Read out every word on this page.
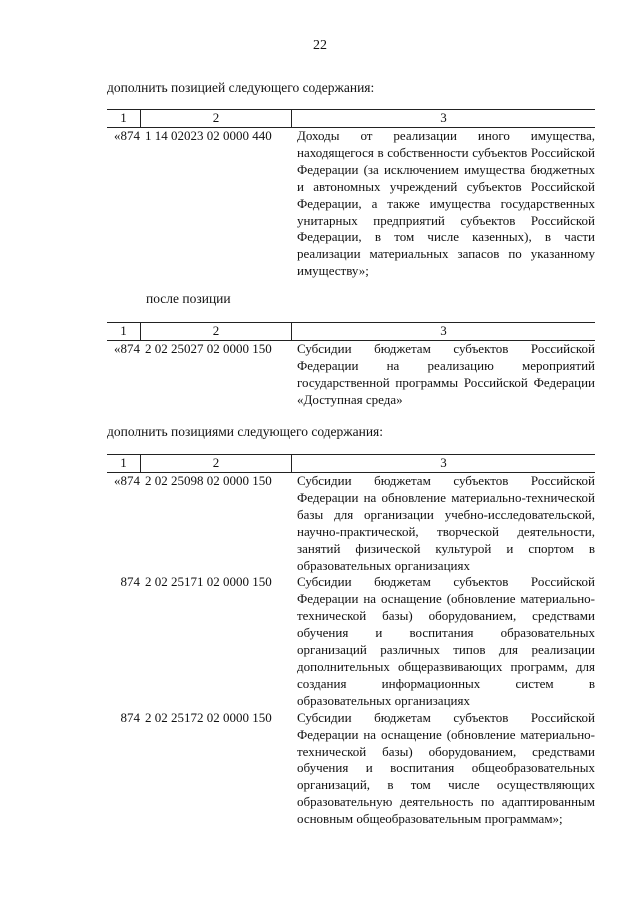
22
дополнить позицией следующего содержания:
1	2	3
«874 1 14 02023 02 0000 440	Доходы от реализации иного имущества, находящегося в собственности субъектов Российской Федерации (за исключением имущества бюджетных и автономных учреждений субъектов Российской Федерации, а также имущества государственных унитарных предприятий субъектов Российской Федерации, в том числе казенных), в части реализации материальных запасов по указанному имуществу»;
после позиции
1	2	3
«874 2 02 25027 02 0000 150	Субсидии бюджетам субъектов Российской Федерации на реализацию мероприятий государственной программы Российской Федерации «Доступная среда»
дополнить позициями следующего содержания:
1	2	3
«874 2 02 25098 02 0000 150	Субсидии бюджетам субъектов Российской Федерации на обновление материально-технической базы для организации учебно-исследовательской, научно-практической, творческой деятельности, занятий физической культурой и спортом в образовательных организациях
874 2 02 25171 02 0000 150	Субсидии бюджетам субъектов Российской Федерации на оснащение (обновление материально-технической базы) оборудованием, средствами обучения и воспитания образовательных организаций различных типов для реализации дополнительных общеразвивающих программ, для создания информационных систем в образовательных организациях
874 2 02 25172 02 0000 150	Субсидии бюджетам субъектов Российской Федерации на оснащение (обновление материально-технической базы) оборудованием, средствами обучения и воспитания общеобразовательных организаций, в том числе осуществляющих образовательную деятельность по адаптированным основным общеобразовательным программам»;
